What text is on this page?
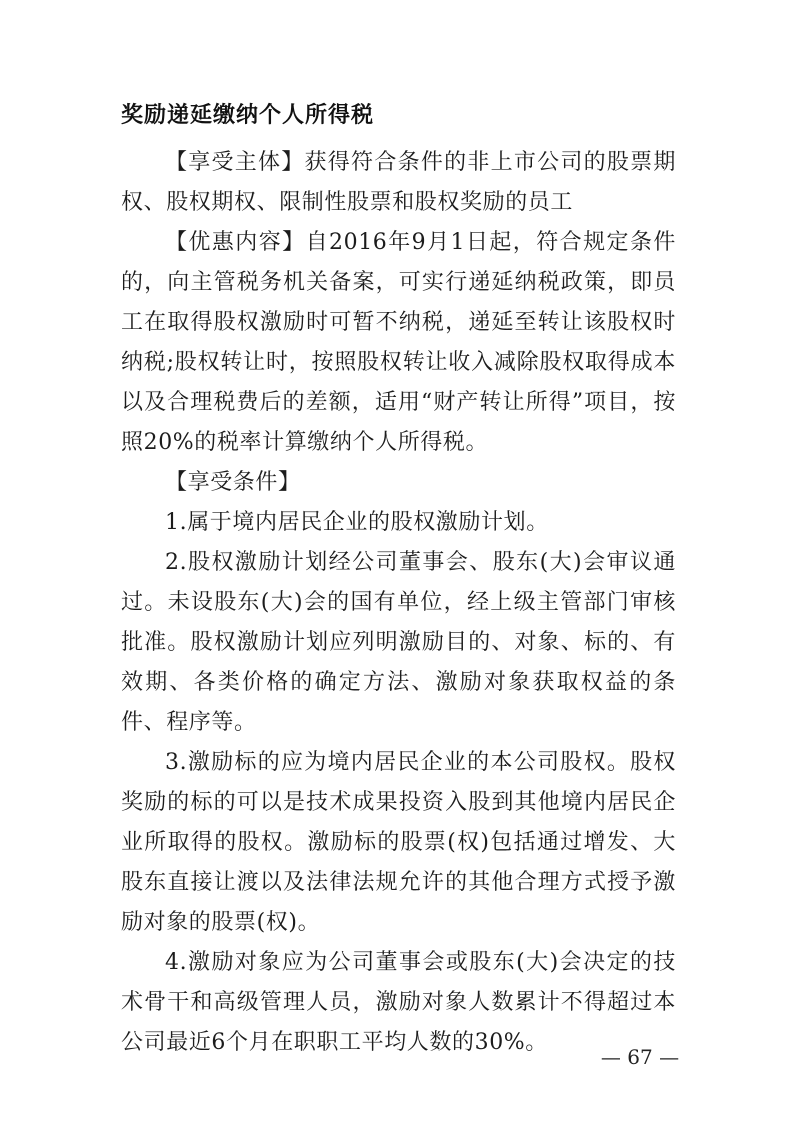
奖励递延缴纳个人所得税

【享受主体】获得符合条件的非上市公司的股票期权、股权期权、限制性股票和股权奖励的员工

【优惠内容】自2016年9月1日起，符合规定条件的，向主管税务机关备案，可实行递延纳税政策，即员工在取得股权激励时可暂不纳税，递延至转让该股权时纳税;股权转让时，按照股权转让收入减除股权取得成本以及合理税费后的差额，适用“财产转让所得”项目，按照20%的税率计算缴纳个人所得税。

【享受条件】

1.属于境内居民企业的股权激励计划。

2.股权激励计划经公司董事会、股东(大)会审议通过。未设股东(大)会的国有单位，经上级主管部门审核批准。股权激励计划应列明激励目的、对象、标的、有效期、各类价格的确定方法、激励对象获取权益的条件、程序等。

3.激励标的应为境内居民企业的本公司股权。股权奖励的标的可以是技术成果投资入股到其他境内居民企业所取得的股权。激励标的股票(权)包括通过增发、大股东直接让渡以及法律法规允许的其他合理方式授予激励对象的股票(权)。

4.激励对象应为公司董事会或股东(大)会决定的技术骨干和高级管理人员，激励对象人数累计不得超过本公司最近6个月在职职工平均人数的30%。

— 67 —
